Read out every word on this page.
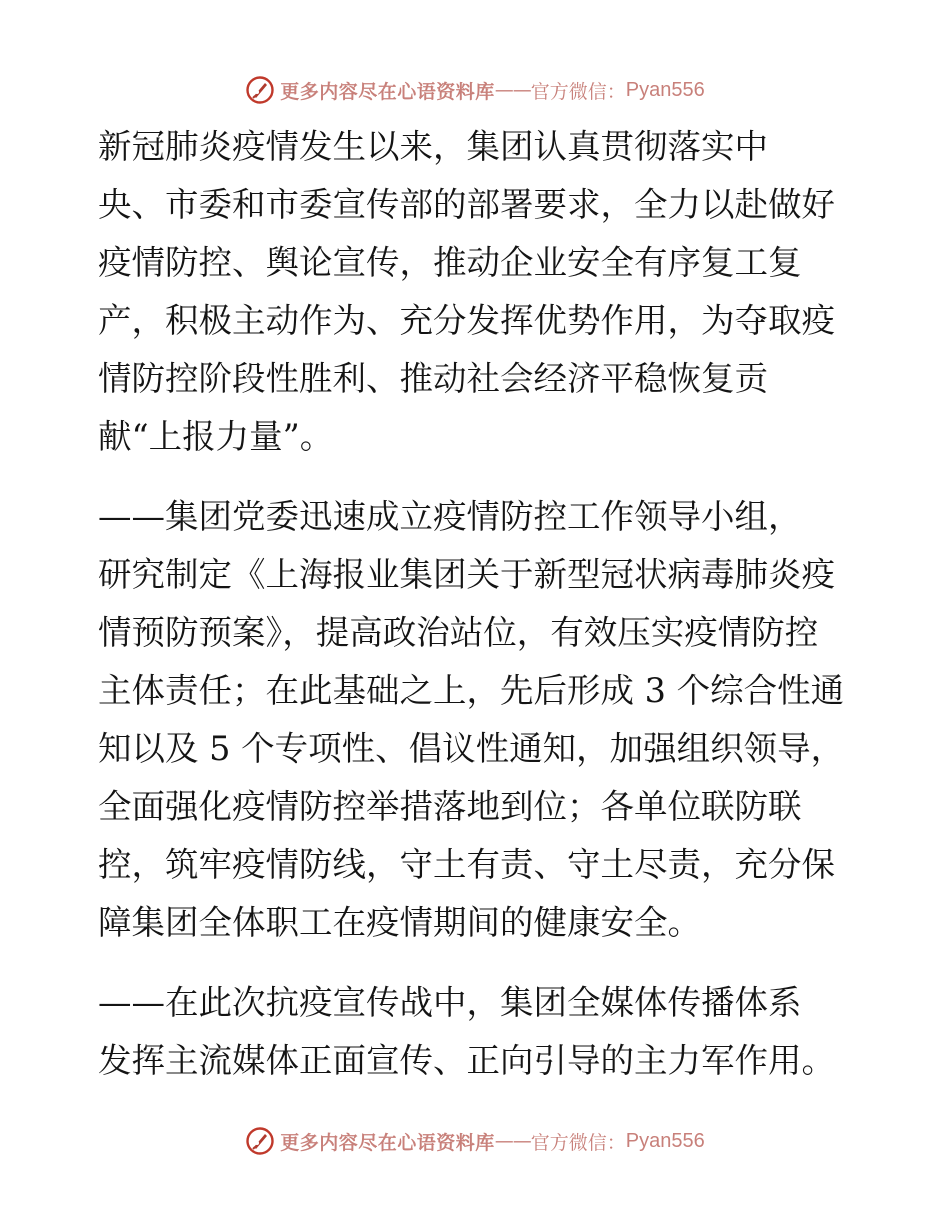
更多内容尽在心语资料库 —— 官方微信： Pyan556

新冠肺炎疫情发生以来，集团认真贯彻落实中
央、市委和市委宣传部的部署要求，全力以赴做好
疫情防控、舆论宣传，推动企业安全有序复工复
产，积极主动作为、充分发挥优势作用，为夺取疫
情防控阶段性胜利、推动社会经济平稳恢复贡
献“上报力量”。

——集团党委迅速成立疫情防控工作领导小组，
研究制定《上海报业集团关于新型冠状病毒肺炎疫
情预防预案》，提高政治站位，有效压实疫情防控
主体责任；在此基础之上，先后形成 3 个综合性通
知以及 5 个专项性、倡议性通知，加强组织领导，
全面强化疫情防控举措落地到位；各单位联防联
控，筑牢疫情防线，守土有责、守土尽责，充分保
障集团全体职工在疫情期间的健康安全。

——在此次抗疫宣传战中，集团全媒体传播体系
发挥主流媒体正面宣传、正向引导的主力军作用。

更多内容尽在心语资料库 —— 官方微信： Pyan556
